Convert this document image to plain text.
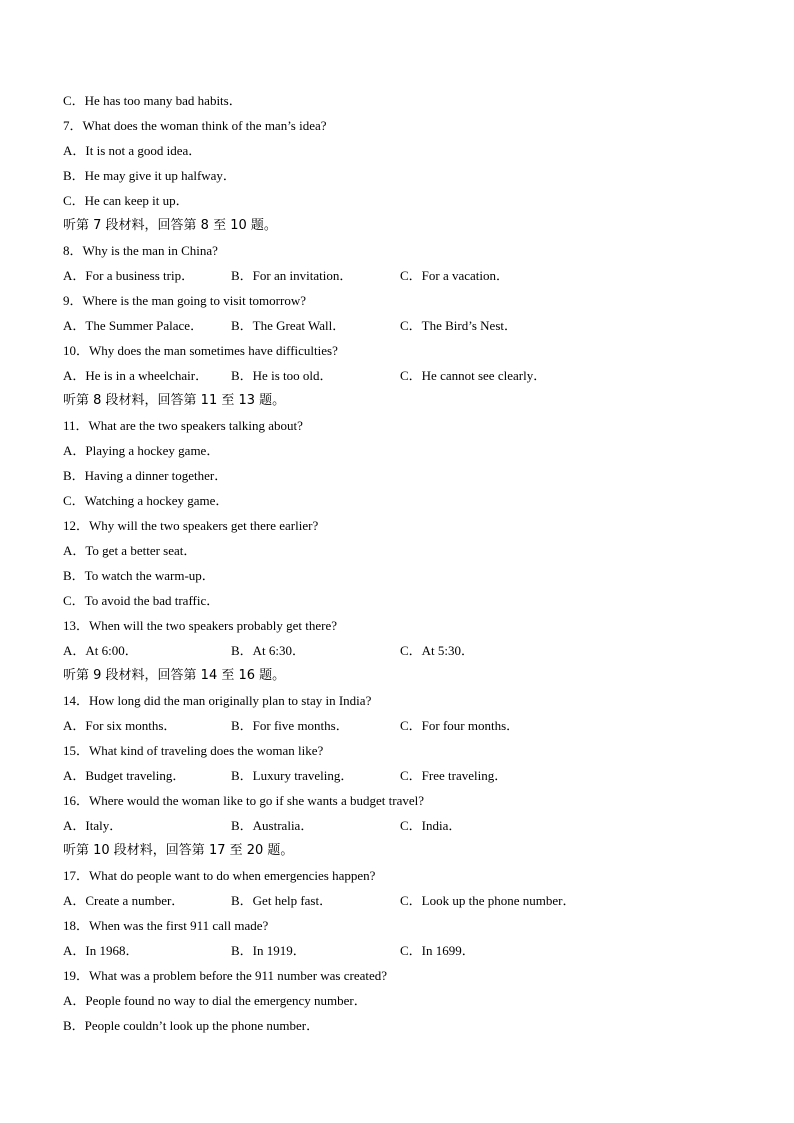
C．He has too many bad habits．
7．What does the woman think of the man’s idea?
A．It is not a good idea．
B．He may give it up halfway．
C．He can keep it up．
听第 7 段材料，回答第 8 至 10 题。
8．Why is the man in China?
A．For a business trip．	B．For an invitation．	C．For a vacation．
9．Where is the man going to visit tomorrow?
A．The Summer Palace． B．The Great Wall．	C．The Bird’s Nest．
10．Why does the man sometimes have difficulties?
A．He is in a wheelchair． B．He is too old．	C．He cannot see clearly．
听第 8 段材料，回答第 11 至 13 题。
11．What are the two speakers talking about?
A．Playing a hockey game．
B．Having a dinner together．
C．Watching a hockey game．
12．Why will the two speakers get there earlier?
A．To get a better seat．
B．To watch the warm-up．
C．To avoid the bad traffic．
13．When will the two speakers probably get there?
A．At 6:00．	B．At 6:30．	C．At 5:30．
听第 9 段材料，回答第 14 至 16 题。
14．How long did the man originally plan to stay in India?
A．For six months．	B．For five months．	C．For four months．
15．What kind of traveling does the woman like?
A．Budget traveling．	B．Luxury traveling．	C．Free traveling．
16．Where would the woman like to go if she wants a budget travel?
A．Italy．	B．Australia．	C．India．
听第 10 段材料，回答第 17 至 20 题。
17．What do people want to do when emergencies happen?
A．Create a number．	B．Get help fast．	C．Look up the phone number．
18．When was the first 911 call made?
A．In 1968．	B．In 1919．	C．In 1699．
19．What was a problem before the 911 number was created?
A．People found no way to dial the emergency number．
B．People couldn’t look up the phone number．
